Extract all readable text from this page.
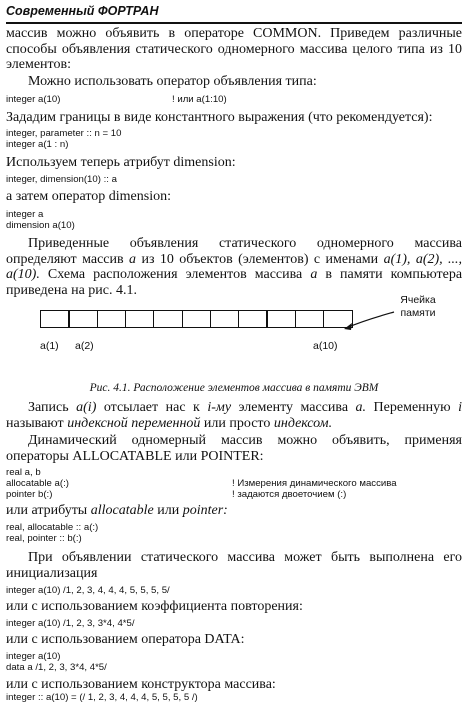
Современный ФОРТРАН

массив можно объявить в операторе COMMON. Приведем различные способы объявления статического одномерного массива целого типа из 10 элементов:

Можно использовать оператор объявления типа:

integer a(10)	! или a(1:10)

Зададим границы в виде константного выражения (что рекомендуется):

integer, parameter :: n = 10

integer a(1 : n)

Используем теперь атрибут dimension:

integer, dimension(10) :: a

а затем оператор dimension:

integer a

dimension a(10)

Приведенные объявления статического одномерного массива определяют массив a из 10 объектов (элементов) с именами a(1), a(2), ..., a(10). Схема расположения элементов массива a в памяти компьютера приведена на рис. 4.1.

a(1) a(2)	a(10)
Ячейка памяти
Рис. 4.1. Расположение элементов массива в памяти ЭВМ

Запись a(i) отсылает нас к i-му элементу массива a. Переменную i называют индексной переменной или просто индексом.

Динамический одномерный массив можно объявить, применяя операторы ALLOCATABLE или POINTER:

real a, b

allocatable a(:)	! Измерения динамического массива

pointer b(:)	! задаются двоеточием (:)

или атрибуты allocatable или pointer:

real, allocatable :: a(:)

real, pointer :: b(:)

При объявлении статического массива может быть выполнена его инициализация

integer a(10) /1, 2, 3, 4, 4, 4, 5, 5, 5, 5/

или с использованием коэффициента повторения:

integer a(10) /1, 2, 3, 3*4, 4*5/

или с использованием оператора DATA:

integer a(10)

data a /1, 2, 3, 3*4, 4*5/

или с использованием конструктора массива:

integer :: a(10) = (/ 1, 2, 3, 4, 4, 4, 5, 5, 5, 5 /)
